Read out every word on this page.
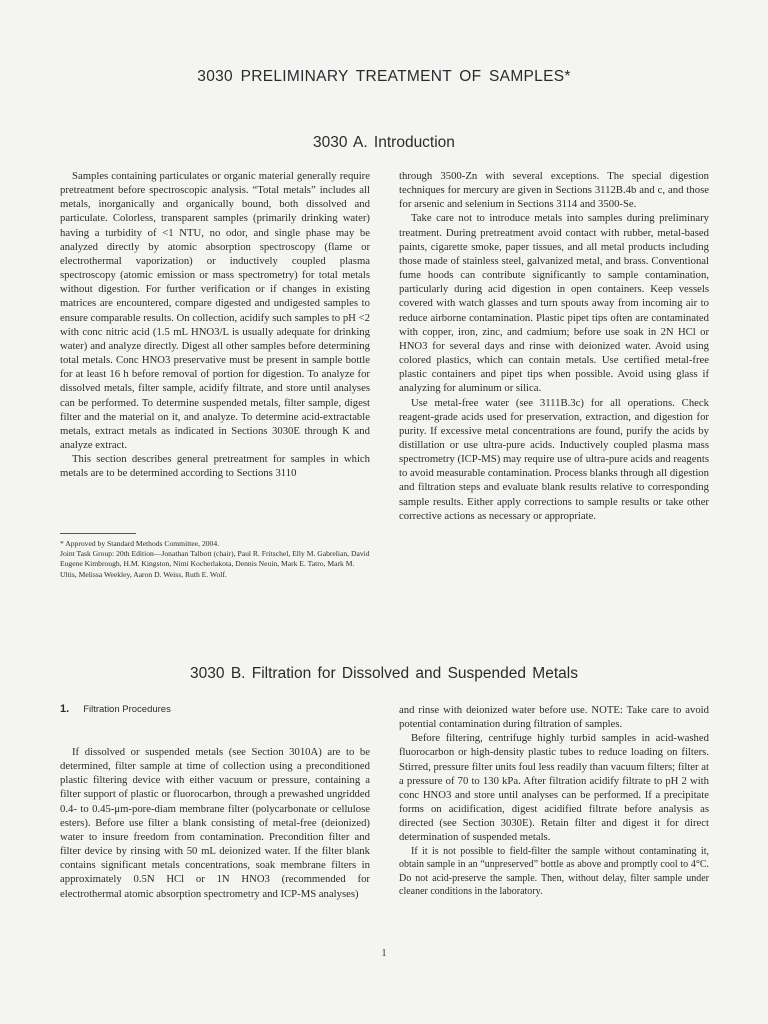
3030 PRELIMINARY TREATMENT OF SAMPLES*
3030 A. Introduction

Samples containing particulates or organic material generally require pretreatment before spectroscopic analysis. “Total metals” includes all metals, inorganically and organically bound, both dissolved and particulate. Colorless, transparent samples (primarily drinking water) having a turbidity of <1 NTU, no odor, and single phase may be analyzed directly by atomic absorption spectroscopy (flame or electrothermal vaporization) or inductively coupled plasma spectroscopy (atomic emission or mass spectrometry) for total metals without digestion. For further verification or if changes in existing matrices are encountered, compare digested and undigested samples to ensure comparable results. On collection, acidify such samples to pH <2 with conc nitric acid (1.5 mL HNO3/L is usually adequate for drinking water) and analyze directly. Digest all other samples before determining total metals. Conc HNO3 preservative must be present in sample bottle for at least 16 h before removal of portion for digestion. To analyze for dissolved metals, filter sample, acidify filtrate, and store until analyses can be performed. To determine suspended metals, filter sample, digest filter and the material on it, and analyze. To determine acid-extractable metals, extract metals as indicated in Sections 3030E through K and analyze extract.

This section describes general pretreatment for samples in which metals are to be determined according to Sections 3110

* Approved by Standard Methods Committee, 2004.

Joint Task Group: 20th Edition—Jonathan Talbott (chair), Paul R. Fritschel, Elly M. Gabrelian, David Eugene Kimbrough, H.M. Kingston, Nimi Kocherlakota, Dennis Neuin, Mark E. Tatro, Mark M. Ultis, Melissa Weekley, Aaron D. Weiss, Ruth E. Wolf.

through 3500-Zn with several exceptions. The special digestion techniques for mercury are given in Sections 3112B.4b and c, and those for arsenic and selenium in Sections 3114 and 3500-Se.

Take care not to introduce metals into samples during preliminary treatment. During pretreatment avoid contact with rubber, metal-based paints, cigarette smoke, paper tissues, and all metal products including those made of stainless steel, galvanized metal, and brass. Conventional fume hoods can contribute significantly to sample contamination, particularly during acid digestion in open containers. Keep vessels covered with watch glasses and turn spouts away from incoming air to reduce airborne contamination. Plastic pipet tips often are contaminated with copper, iron, zinc, and cadmium; before use soak in 2N HCl or HNO3 for several days and rinse with deionized water. Avoid using colored plastics, which can contain metals. Use certified metal-free plastic containers and pipet tips when possible. Avoid using glass if analyzing for aluminum or silica.

Use metal-free water (see 3111B.3c) for all operations. Check reagent-grade acids used for preservation, extraction, and digestion for purity. If excessive metal concentrations are found, purify the acids by distillation or use ultra-pure acids. Inductively coupled plasma mass spectrometry (ICP-MS) may require use of ultra-pure acids and reagents to avoid measurable contamination. Process blanks through all digestion and filtration steps and evaluate blank results relative to corresponding sample results. Either apply corrections to sample results or take other corrective actions as necessary or appropriate.

3030 B. Filtration for Dissolved and Suspended Metals
1. Filtration Procedures

If dissolved or suspended metals (see Section 3010A) are to be determined, filter sample at time of collection using a preconditioned plastic filtering device with either vacuum or pressure, containing a filter support of plastic or fluorocarbon, through a prewashed ungridded 0.4- to 0.45-μm-pore-diam membrane filter (polycarbonate or cellulose esters). Before use filter a blank consisting of metal-free (deionized) water to insure freedom from contamination. Precondition filter and filter device by rinsing with 50 mL deionized water. If the filter blank contains significant metals concentrations, soak membrane filters in approximately 0.5N HCl or 1N HNO3 (recommended for electrothermal atomic absorption spectrometry and ICP-MS analyses)

and rinse with deionized water before use. NOTE: Take care to avoid potential contamination during filtration of samples.

Before filtering, centrifuge highly turbid samples in acid-washed fluorocarbon or high-density plastic tubes to reduce loading on filters. Stirred, pressure filter units foul less readily than vacuum filters; filter at a pressure of 70 to 130 kPa. After filtration acidify filtrate to pH 2 with conc HNO3 and store until analyses can be performed. If a precipitate forms on acidification, digest acidified filtrate before analysis as directed (see Section 3030E). Retain filter and digest it for direct determination of suspended metals.

If it is not possible to field-filter the sample without contaminating it, obtain sample in an “unpreserved” bottle as above and promptly cool to 4°C. Do not acid-preserve the sample. Then, without delay, filter sample under cleaner conditions in the laboratory.

1
